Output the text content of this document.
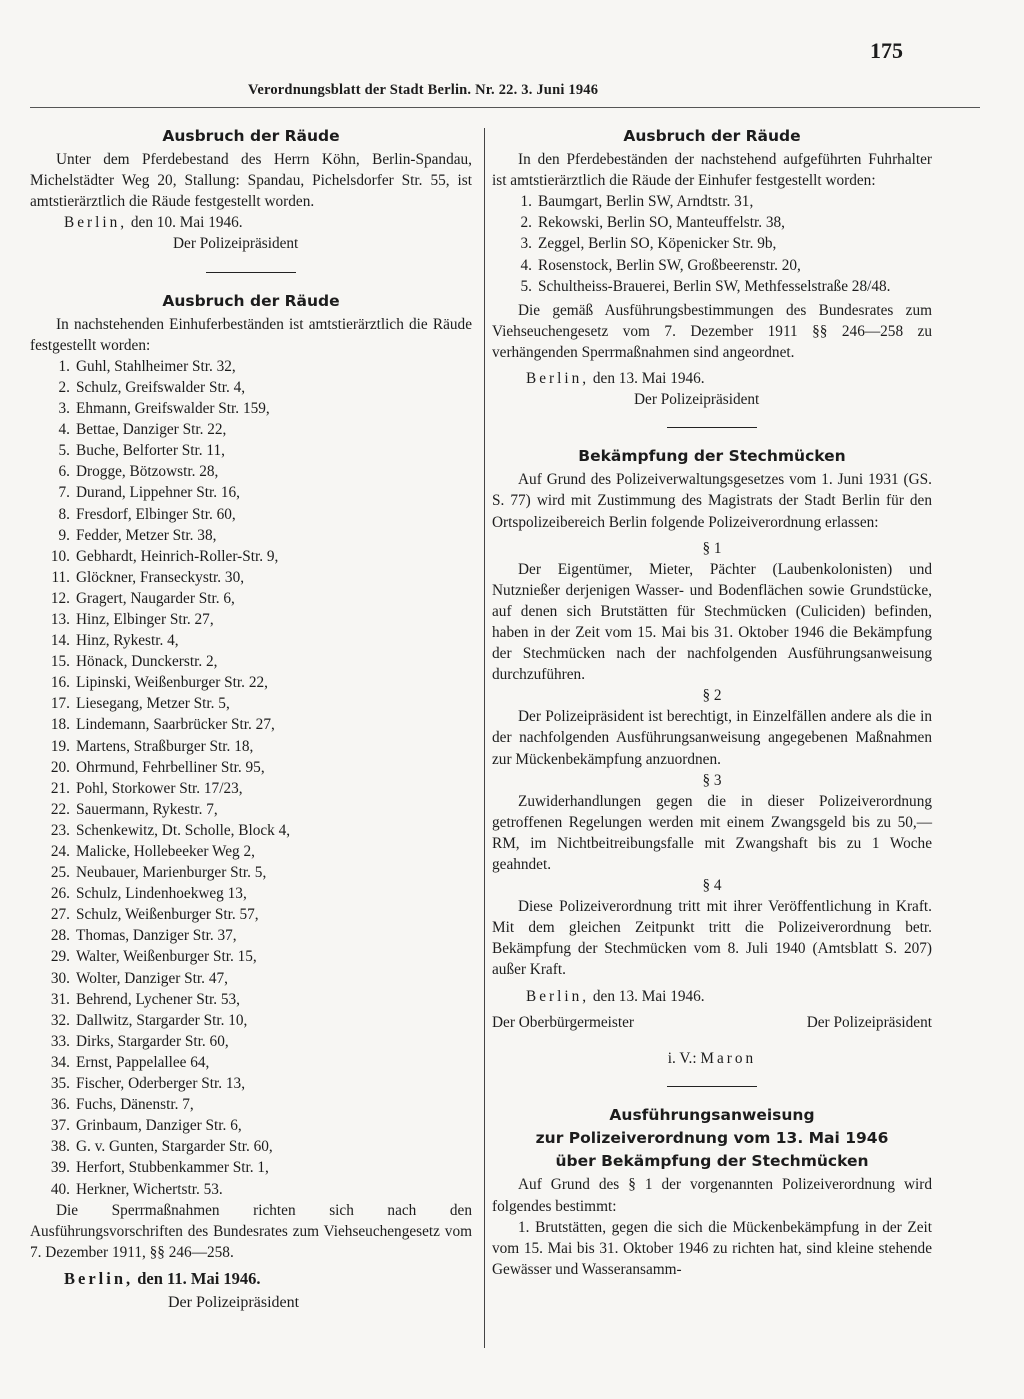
175
Verordnungsblatt der Stadt Berlin. Nr. 22. 3. Juni 1946
Ausbruch der Räude

Unter dem Pferdebestand des Herrn Köhn, Berlin-Spandau, Michelstädter Weg 20, Stallung: Spandau, Pichelsdorfer Str. 55, ist amtstierärztlich die Räude festgestellt worden.

Berlin, den 10. Mai 1946.

Der Polizeipräsident

Ausbruch der Räude

In nachstehenden Einhuferbeständen ist amtstierärztlich die Räude festgestellt worden:

1. Guhl, Stahlheimer Str. 32,
2. Schulz, Greifswalder Str. 4,
3. Ehmann, Greifswalder Str. 159,
4. Bettae, Danziger Str. 22,
5. Buche, Belforter Str. 11,
6. Drogge, Bötzowstr. 28,
7. Durand, Lippehner Str. 16,
8. Fresdorf, Elbinger Str. 60,
9. Fedder, Metzer Str. 38,
10. Gebhardt, Heinrich-Roller-Str. 9,
11. Glöckner, Franseckystr. 30,
12. Gragert, Naugarder Str. 6,
13. Hinz, Elbinger Str. 27,
14. Hinz, Rykestr. 4,
15. Hönack, Dunckerstr. 2,
16. Lipinski, Weißenburger Str. 22,
17. Liesegang, Metzer Str. 5,
18. Lindemann, Saarbrücker Str. 27,
19. Martens, Straßburger Str. 18,
20. Ohrmund, Fehrbelliner Str. 95,
21. Pohl, Storkower Str. 17/23,
22. Sauermann, Rykestr. 7,
23. Schenkewitz, Dt. Scholle, Block 4,
24. Malicke, Hollebeeker Weg 2,
25. Neubauer, Marienburger Str. 5,
26. Schulz, Lindenhoekweg 13,
27. Schulz, Weißenburger Str. 57,
28. Thomas, Danziger Str. 37,
29. Walter, Weißenburger Str. 15,
30. Wolter, Danziger Str. 47,
31. Behrend, Lychener Str. 53,
32. Dallwitz, Stargarder Str. 10,
33. Dirks, Stargarder Str. 60,
34. Ernst, Pappelallee 64,
35. Fischer, Oderberger Str. 13,
36. Fuchs, Dänenstr. 7,
37. Grinbaum, Danziger Str. 6,
38. G. v. Gunten, Stargarder Str. 60,
39. Herfort, Stubbenkammer Str. 1,
40. Herkner, Wichertstr. 53.

Die Sperrmaßnahmen richten sich nach den Ausführungsvorschriften des Bundesrates zum Viehseuchengesetz vom 7. Dezember 1911, §§ 246—258.

Berlin, den 11. Mai 1946.

Der Polizeipräsident

Ausbruch der Räude

In den Pferdebeständen der nachstehend aufgeführten Fuhrhalter ist amtstierärztlich die Räude der Einhufer festgestellt worden:

1. Baumgart, Berlin SW, Arndtstr. 31,
2. Rekowski, Berlin SO, Manteuffelstr. 38,
3. Zeggel, Berlin SO, Köpenicker Str. 9b,
4. Rosenstock, Berlin SW, Großbeerenstr. 20,
5. Schultheiss-Brauerei, Berlin SW, Methfesselstraße 28/48.

Die gemäß Ausführungsbestimmungen des Bundesrates zum Viehseuchengesetz vom 7. Dezember 1911 §§ 246—258 zu verhängenden Sperrmaßnahmen sind angeordnet.

Berlin, den 13. Mai 1946.

Der Polizeipräsident

Bekämpfung der Stechmücken

Auf Grund des Polizeiverwaltungsgesetzes vom 1. Juni 1931 (GS. S. 77) wird mit Zustimmung des Magistrats der Stadt Berlin für den Ortspolizeibereich Berlin folgende Polizeiverordnung erlassen:

§ 1

Der Eigentümer, Mieter, Pächter (Laubenkolonisten) und Nutznießer derjenigen Wasser- und Bodenflächen sowie Grundstücke, auf denen sich Brutstätten für Stechmücken (Culiciden) befinden, haben in der Zeit vom 15. Mai bis 31. Oktober 1946 die Bekämpfung der Stechmücken nach der nachfolgenden Ausführungsanweisung durchzuführen.

§ 2

Der Polizeipräsident ist berechtigt, in Einzelfällen andere als die in der nachfolgenden Ausführungsanweisung angegebenen Maßnahmen zur Mückenbekämpfung anzuordnen.

§ 3

Zuwiderhandlungen gegen die in dieser Polizeiverordnung getroffenen Regelungen werden mit einem Zwangsgeld bis zu 50,— RM, im Nichtbeitreibungsfalle mit Zwangshaft bis zu 1 Woche geahndet.

§ 4

Diese Polizeiverordnung tritt mit ihrer Veröffentlichung in Kraft. Mit dem gleichen Zeitpunkt tritt die Polizeiverordnung betr. Bekämpfung der Stechmücken vom 8. Juli 1940 (Amtsblatt S. 207) außer Kraft.

Berlin, den 13. Mai 1946.

Der Oberbürgermeister	Der Polizeipräsident

i. V.: Maron

Ausführungsanweisung
zur Polizeiverordnung vom 13. Mai 1946
über Bekämpfung der Stechmücken

Auf Grund des § 1 der vorgenannten Polizeiverordnung wird folgendes bestimmt:

1. Brutstätten, gegen die sich die Mückenbekämpfung in der Zeit vom 15. Mai bis 31. Oktober 1946 zu richten hat, sind kleine stehende Gewässer und Wasseransamm-
